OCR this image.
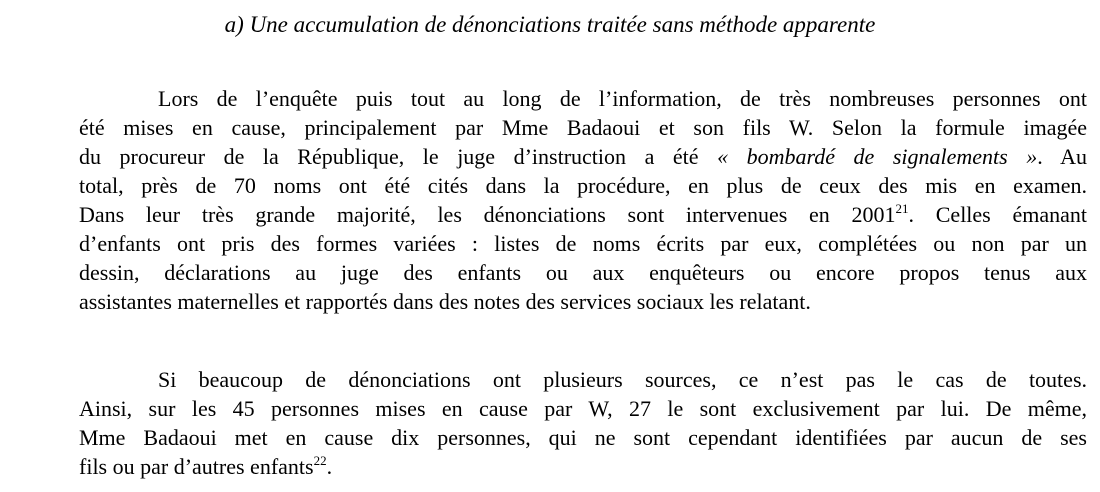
a) Une accumulation de dénonciations traitée sans méthode apparente
Lors de l’enquête puis tout au long de l’information, de très nombreuses personnes ont
été mises en cause, principalement par Mme Badaoui et son fils W. Selon la formule imagée
du procureur de la République, le juge d’instruction a été « bombardé de signalements ». Au
total, près de 70 noms ont été cités dans la procédure, en plus de ceux des mis en examen.
Dans leur très grande majorité, les dénonciations sont intervenues en 2001$^{21}$. Celles émanant
d’enfants ont pris des formes variées : listes de noms écrits par eux, complétées ou non par un
dessin, déclarations au juge des enfants ou aux enquêteurs ou encore propos tenus aux
assistantes maternelles et rapportés dans des notes des services sociaux les relatant.
Si beaucoup de dénonciations ont plusieurs sources, ce n’est pas le cas de toutes.
Ainsi, sur les 45 personnes mises en cause par W, 27 le sont exclusivement par lui. De même,
Mme Badaoui met en cause dix personnes, qui ne sont cependant identifiées par aucun de ses
fils ou par d’autres enfants$^{22}$.
